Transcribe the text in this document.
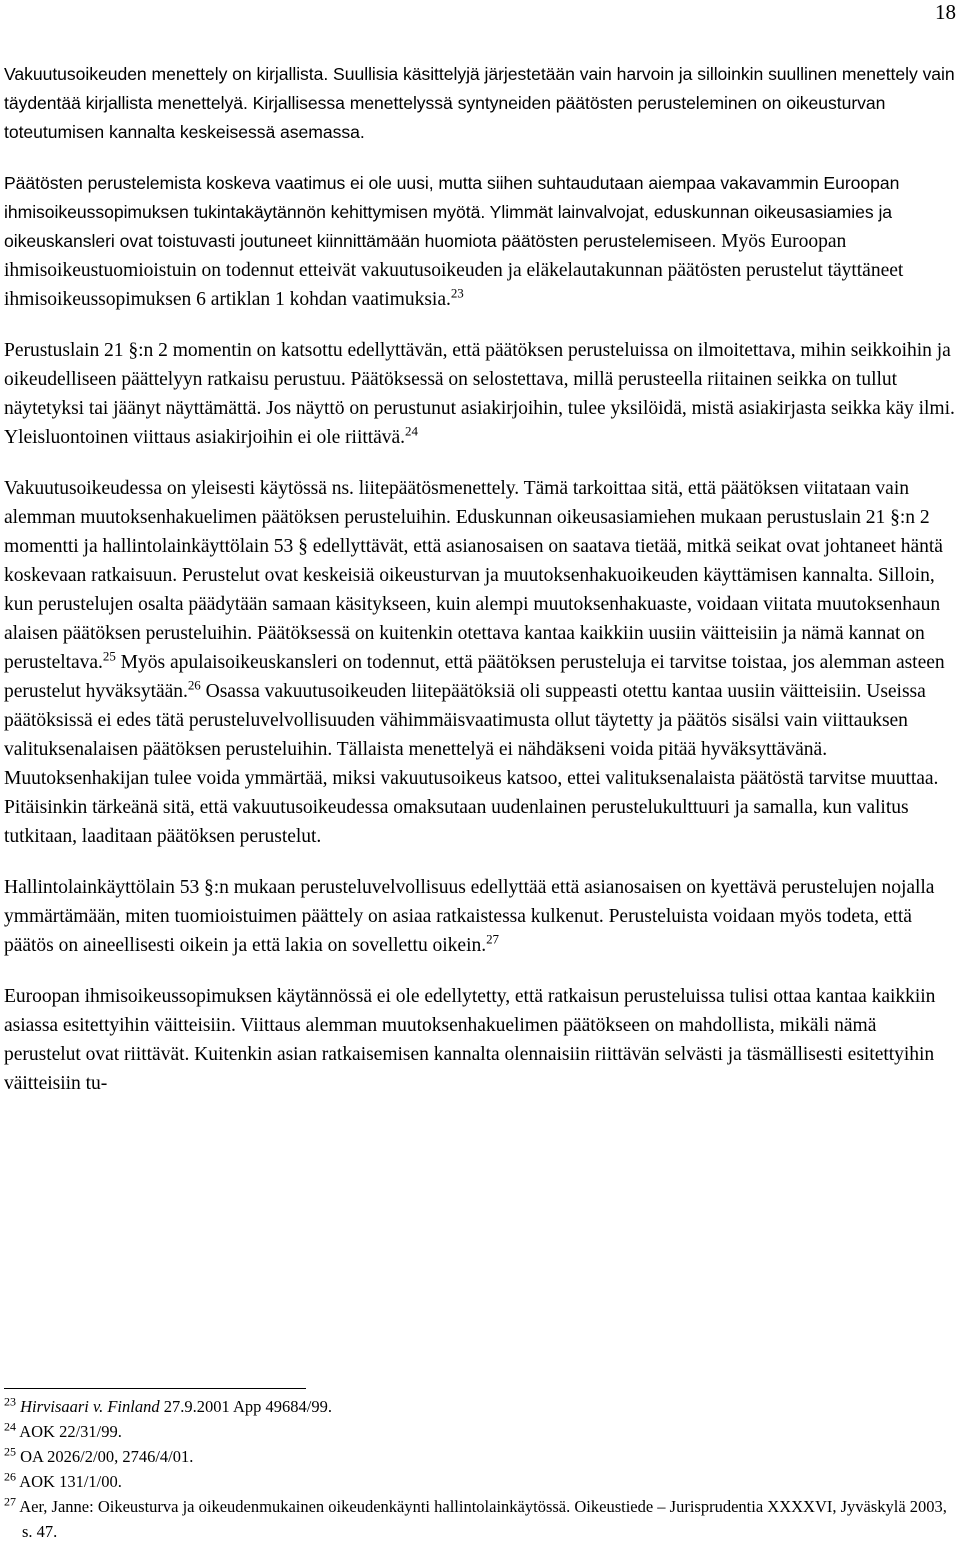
18

Vakuutusoikeuden menettely on kirjallista. Suullisia käsittelyjä järjestetään vain harvoin ja silloinkin suullinen menettely vain täydentää kirjallista menettelyä. Kirjallisessa menettelyssä syntyneiden päätösten perusteleminen on oikeusturvan toteutumisen kannalta keskeisessä asemassa.

Päätösten perustelemista koskeva vaatimus ei ole uusi, mutta siihen suhtaudutaan aiempaa vakavammin Euroopan ihmisoikeussopimuksen tukintakäytännön kehittymisen myötä. Ylimmät lainvalvojat, eduskunnan oikeusasiamies ja oikeuskansleri ovat toistuvasti joutuneet kiinnittämään huomiota päätösten perustelemiseen. Myös Euroopan ihmisoikeustuomioistuin on todennut etteivät vakuutusoikeuden ja eläkelautakunnan päätösten perustelut täyttäneet ihmisoikeussopimuksen 6 artiklan 1 kohdan vaatimuksia.$^{23}$

Perustuslain 21 §:n 2 momentin on katsottu edellyttävän, että päätöksen perusteluissa on ilmoitettava, mihin seikkoihin ja oikeudelliseen päättelyyn ratkaisu perustuu. Päätöksessä on selostettava, millä perusteella riitainen seikka on tullut näytetyksi tai jäänyt näyttämättä. Jos näyttö on perustunut asiakirjoihin, tulee yksilöidä, mistä asiakirjasta seikka käy ilmi. Yleisluontoinen viittaus asiakirjoihin ei ole riittävä.$^{24}$

Vakuutusoikeudessa on yleisesti käytössä ns. liitepäätösmenettely. Tämä tarkoittaa sitä, että päätöksen viitataan vain alemman muutoksenhakuelimen päätöksen perusteluihin. Eduskunnan oikeusasiamiehen mukaan perustuslain 21 §:n 2 momentti ja hallintolainkäyttölain 53 § edellyttävät, että asianosaisen on saatava tietää, mitkä seikat ovat johtaneet häntä koskevaan ratkaisuun. Perustelut ovat keskeisiä oikeusturvan ja muutoksenhakuoikeuden käyttämisen kannalta. Silloin, kun perustelujen osalta päädytään samaan käsitykseen, kuin alempi muutoksenhakuaste, voidaan viitata muutoksenhaun alaisen päätöksen perusteluihin. Päätöksessä on kuitenkin otettava kantaa kaikkiin uusiin väitteisiin ja nämä kannat on perusteltava.$^{25}$ Myös apulaisoikeuskansleri on todennut, että päätöksen perusteluja ei tarvitse toistaa, jos alemman asteen perustelut hyväksytään.$^{26}$ Osassa vakuutusoikeuden liitepäätöksiä oli suppeasti otettu kantaa uusiin väitteisiin. Useissa päätöksissä ei edes tätä perusteluvelvollisuuden vähimmäisvaatimusta ollut täytetty ja päätös sisälsi vain viittauksen valituksenalaisen päätöksen perusteluihin. Tällaista menettelyä ei nähdäkseni voida pitää hyväksyttävänä. Muutoksenhakijan tulee voida ymmärtää, miksi vakuutusoikeus katsoo, ettei valituksenalaista päätöstä tarvitse muuttaa. Pitäisinkin tärkeänä sitä, että vakuutusoikeudessa omaksutaan uudenlainen perustelukulttuuri ja samalla, kun valitus tutkitaan, laaditaan päätöksen perustelut.

Hallintolainkäyttölain 53 §:n mukaan perusteluvelvollisuus edellyttää että asianosaisen on kyettävä perustelujen nojalla ymmärtämään, miten tuomioistuimen päättely on asiaa ratkaistessa kulkenut. Perusteluista voidaan myös todeta, että päätös on aineellisesti oikein ja että lakia on sovellettu oikein.$^{27}$

Euroopan ihmisoikeussopimuksen käytännössä ei ole edellytetty, että ratkaisun perusteluissa tulisi ottaa kantaa kaikkiin asiassa esitettyihin väitteisiin. Viittaus alemman muutoksenhakuelimen päätökseen on mahdollista, mikäli nämä perustelut ovat riittävät. Kuitenkin asian ratkaisemisen kannalta olennaisiin riittävän selvästi ja täsmällisesti esitettyihin väitteisiin tu-

$^{23}$ Hirvisaari v. Finland 27.9.2001 App 49684/99.

$^{24}$ AOK 22/31/99.

$^{25}$ OA 2026/2/00, 2746/4/01.

$^{26}$ AOK 131/1/00.

$^{27}$ Aer, Janne: Oikeusturva ja oikeudenmukainen oikeudenkäynti hallintolainkäytössä. Oikeustiede – Jurisprudentia XXXXVI, Jyväskylä 2003, s. 47.
